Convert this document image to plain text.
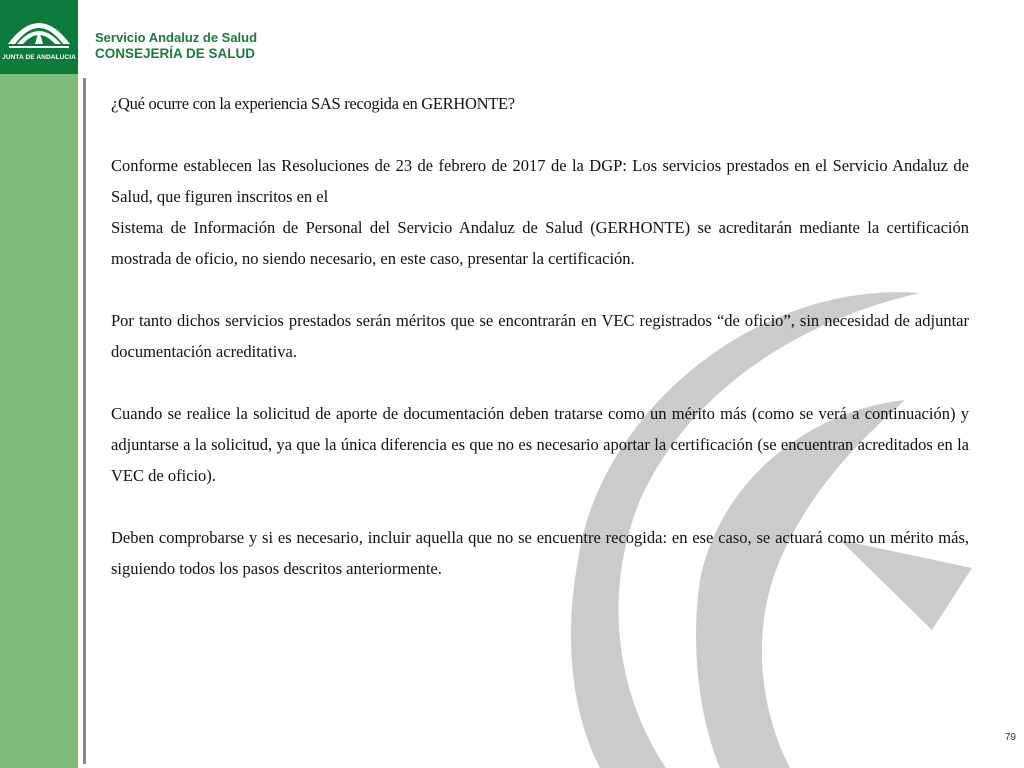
JUNTA DE ANDALUCIA
Servicio Andaluz de Salud
CONSEJERÍA DE SALUD

¿Qué ocurre con la experiencia SAS recogida en GERHONTE?

Conforme establecen las Resoluciones de 23 de febrero de 2017 de la DGP: Los servicios prestados en el Servicio Andaluz de Salud, que figuren inscritos en el

Sistema de Información de Personal del Servicio Andaluz de Salud (GERHONTE) se acreditarán mediante la certificación mostrada de oficio, no siendo necesario, en este caso, presentar la certificación.

Por tanto dichos servicios prestados serán méritos que se encontrarán en VEC registrados “de oficio”, sin necesidad de adjuntar documentación acreditativa.

Cuando se realice la solicitud de aporte de documentación deben tratarse como un mérito más (como se verá a continuación) y adjuntarse a la solicitud, ya que la única diferencia es que no es necesario aportar la certificación (se encuentran acreditados en la VEC de oficio).

Deben comprobarse y si es necesario, incluir aquella que no se encuentre recogida: en ese caso, se actuará como un mérito más, siguiendo todos los pasos descritos anteriormente.

79
